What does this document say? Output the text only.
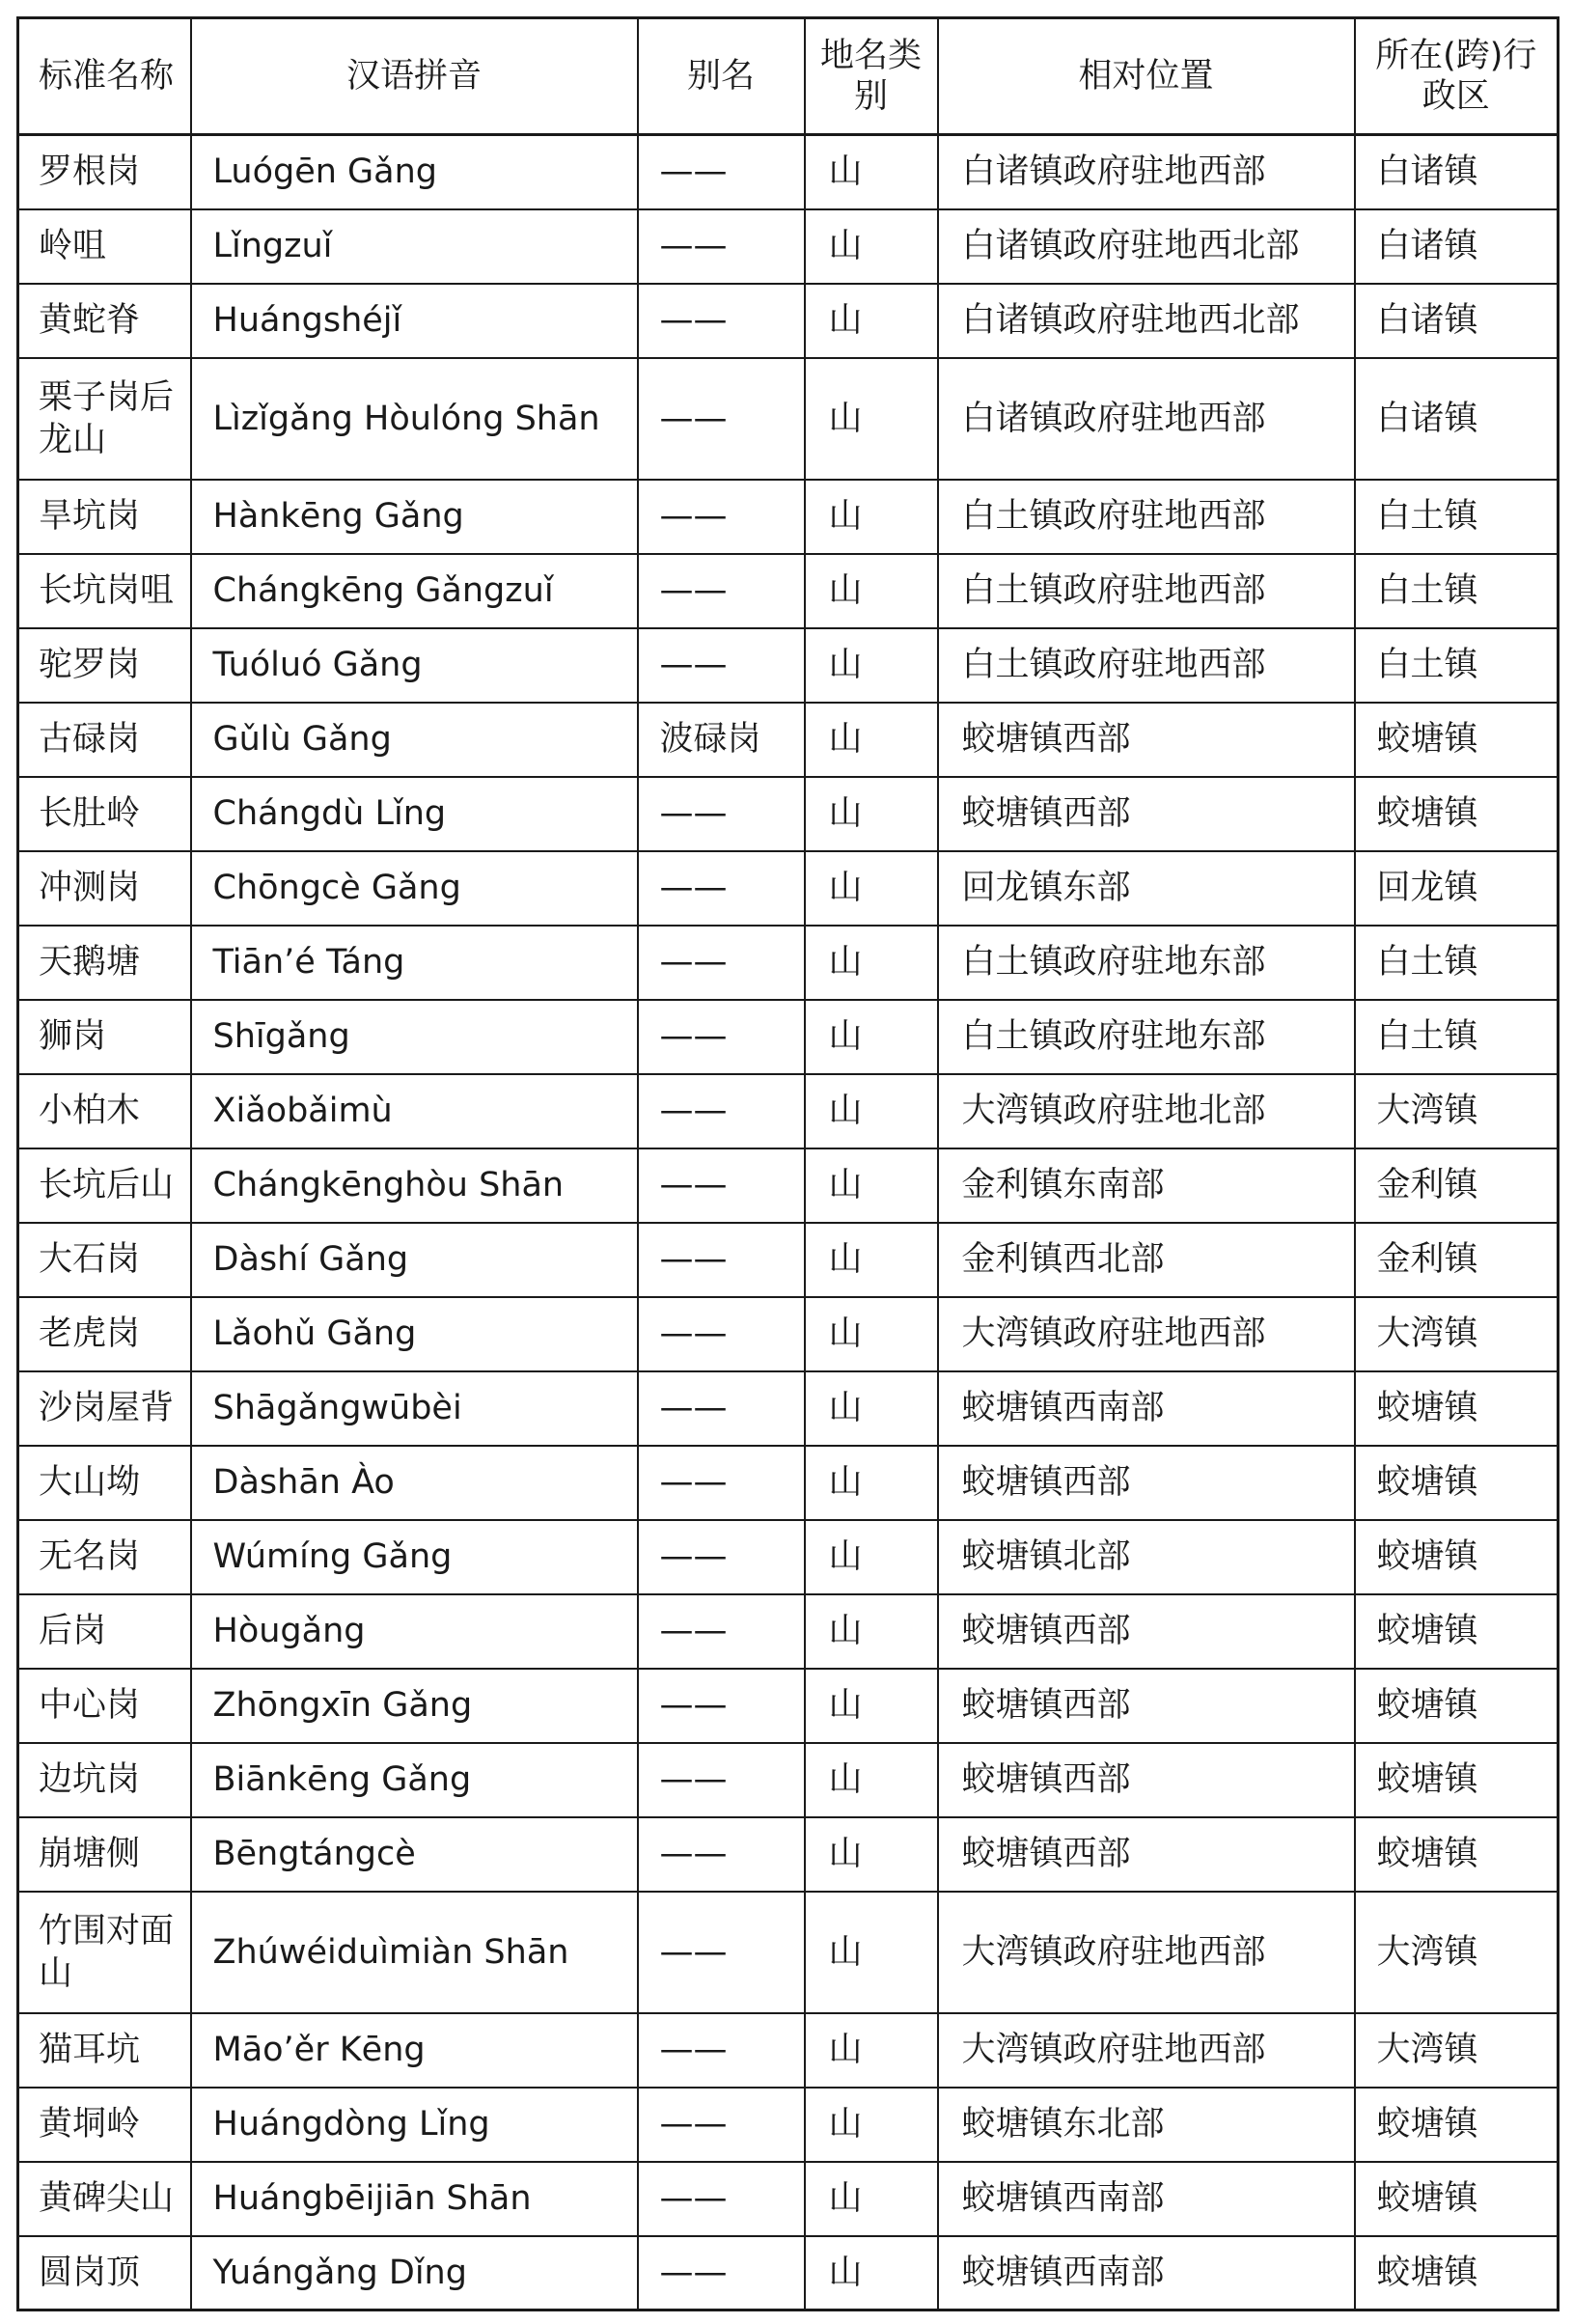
标准名称	汉语拼音	别名	地名类别	相对位置	所在(跨)行政区
罗根岗	Luógēn Gǎng	——	山	白诸镇政府驻地西部	白诸镇
岭咀	Lǐngzuǐ	——	山	白诸镇政府驻地西北部	白诸镇
黄蛇脊	Huángshéjǐ	——	山	白诸镇政府驻地西北部	白诸镇
栗子岗后龙山	Lìzǐgǎng Hòulóng Shān	——	山	白诸镇政府驻地西部	白诸镇
旱坑岗	Hànkēng Gǎng	——	山	白土镇政府驻地西部	白土镇
长坑岗咀	Chángkēng Gǎngzuǐ	——	山	白土镇政府驻地西部	白土镇
驼罗岗	Tuóluó Gǎng	——	山	白土镇政府驻地西部	白土镇
古碌岗	Gǔlù Gǎng	波碌岗	山	蛟塘镇西部	蛟塘镇
长肚岭	Chángdù Lǐng	——	山	蛟塘镇西部	蛟塘镇
冲测岗	Chōngcè Gǎng	——	山	回龙镇东部	回龙镇
天鹅塘	Tiān’é Táng	——	山	白土镇政府驻地东部	白土镇
狮岗	Shīgǎng	——	山	白土镇政府驻地东部	白土镇
小柏木	Xiǎobǎimù	——	山	大湾镇政府驻地北部	大湾镇
长坑后山	Chángkēnghòu Shān	——	山	金利镇东南部	金利镇
大石岗	Dàshí Gǎng	——	山	金利镇西北部	金利镇
老虎岗	Lǎohǔ Gǎng	——	山	大湾镇政府驻地西部	大湾镇
沙岗屋背	Shāgǎngwūbèi	——	山	蛟塘镇西南部	蛟塘镇
大山坳	Dàshān Ào	——	山	蛟塘镇西部	蛟塘镇
无名岗	Wúmíng Gǎng	——	山	蛟塘镇北部	蛟塘镇
后岗	Hòugǎng	——	山	蛟塘镇西部	蛟塘镇
中心岗	Zhōngxīn Gǎng	——	山	蛟塘镇西部	蛟塘镇
边坑岗	Biānkēng Gǎng	——	山	蛟塘镇西部	蛟塘镇
崩塘侧	Bēngtángcè	——	山	蛟塘镇西部	蛟塘镇
竹围对面山	Zhúwéiduìmiàn Shān	——	山	大湾镇政府驻地西部	大湾镇
猫耳坑	Māo’ěr Kēng	——	山	大湾镇政府驻地西部	大湾镇
黄垌岭	Huángdòng Lǐng	——	山	蛟塘镇东北部	蛟塘镇
黄碑尖山	Huángbēijiān Shān	——	山	蛟塘镇西南部	蛟塘镇
圆岗顶	Yuángǎng Dǐng	——	山	蛟塘镇西南部	蛟塘镇
